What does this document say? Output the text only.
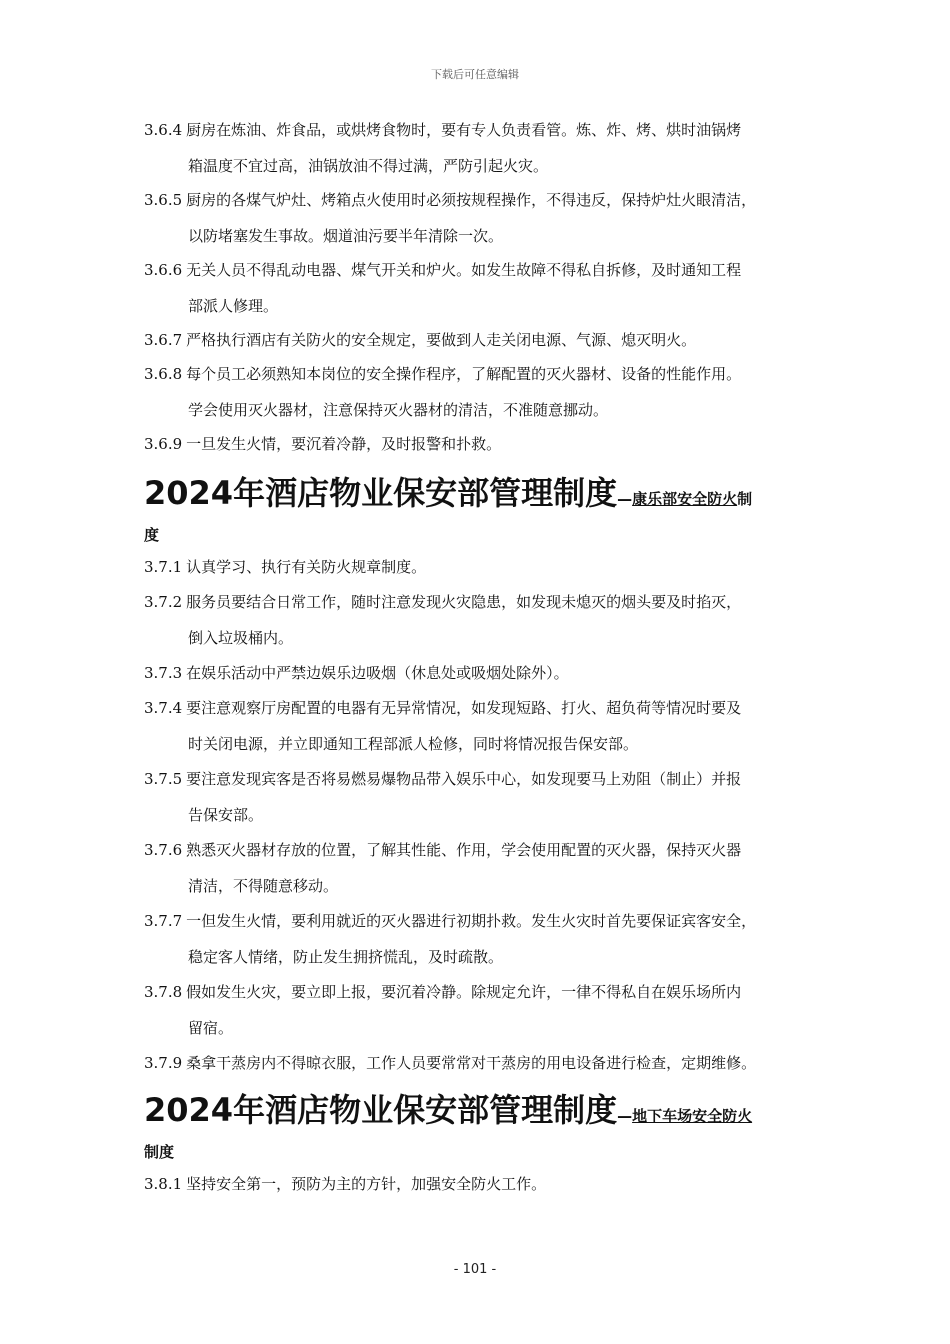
下载后可任意编辑
3.6.4 厨房在炼油、炸食品，或烘烤食物时，要有专人负责看管。炼、炸、烤、烘时油锅烤
箱温度不宜过高，油锅放油不得过满，严防引起火灾。
3.6.5 厨房的各煤气炉灶、烤箱点火使用时必须按规程操作，不得违反，保持炉灶火眼清洁，
以防堵塞发生事故。烟道油污要半年清除一次。
3.6.6 无关人员不得乱动电器、煤气开关和炉火。如发生故障不得私自拆修，及时通知工程
部派人修理。
3.6.7 严格执行酒店有关防火的安全规定，要做到人走关闭电源、气源、熄灭明火。
3.6.8 每个员工必须熟知本岗位的安全操作程序，了解配置的灭火器材、设备的性能作用。
学会使用灭火器材，注意保持灭火器材的清洁，不准随意挪动。
3.6.9 一旦发生火情，要沉着冷静，及时报警和扑救。
2024年酒店物业保安部管理制度—康乐部安全防火制
度
3.7.1 认真学习、执行有关防火规章制度。
3.7.2 服务员要结合日常工作，随时注意发现火灾隐患，如发现未熄灭的烟头要及时掐灭，
倒入垃圾桶内。
3.7.3 在娱乐活动中严禁边娱乐边吸烟（休息处或吸烟处除外）。
3.7.4 要注意观察厅房配置的电器有无异常情况，如发现短路、打火、超负荷等情况时要及
时关闭电源，并立即通知工程部派人检修，同时将情况报告保安部。
3.7.5 要注意发现宾客是否将易燃易爆物品带入娱乐中心，如发现要马上劝阻（制止）并报
告保安部。
3.7.6 熟悉灭火器材存放的位置，了解其性能、作用，学会使用配置的灭火器，保持灭火器
清洁，不得随意移动。
3.7.7 一但发生火情，要利用就近的灭火器进行初期扑救。发生火灾时首先要保证宾客安全，
稳定客人情绪，防止发生拥挤慌乱，及时疏散。
3.7.8 假如发生火灾，要立即上报，要沉着冷静。除规定允许，一律不得私自在娱乐场所内
留宿。
3.7.9 桑拿干蒸房内不得晾衣服，工作人员要常常对干蒸房的用电设备进行检查，定期维修。
2024年酒店物业保安部管理制度—地下车场安全防火
制度
3.8.1 坚持安全第一，预防为主的方针，加强安全防火工作。
- 101 -
